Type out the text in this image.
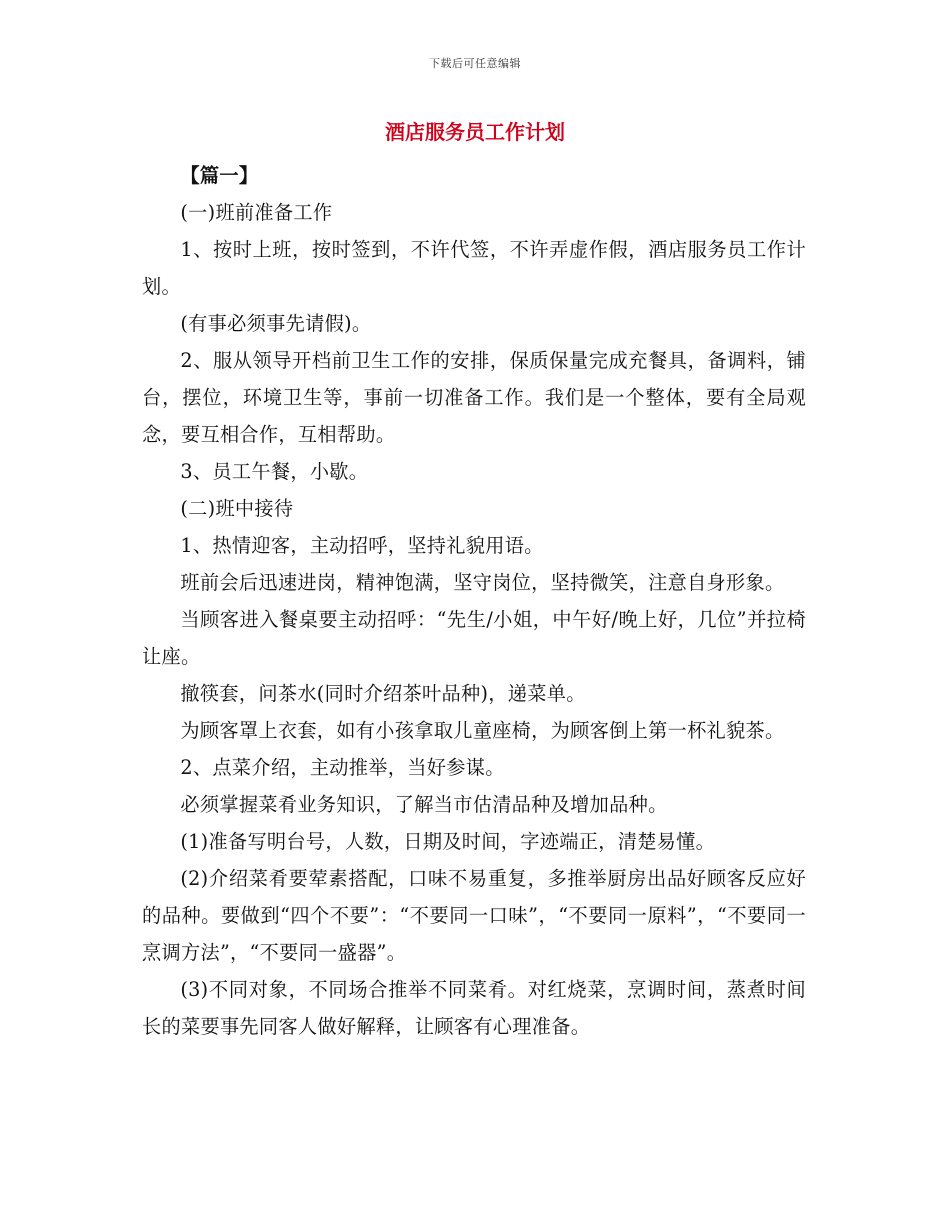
下载后可任意编辑
酒店服务员工作计划

【篇一】

(一)班前准备工作

1、按时上班，按时签到，不许代签，不许弄虚作假，酒店服务员工作计划。

(有事必须事先请假)。

2、服从领导开档前卫生工作的安排，保质保量完成充餐具，备调料，铺台，摆位，环境卫生等，事前一切准备工作。我们是一个整体，要有全局观念，要互相合作，互相帮助。

3、员工午餐，小歇。

(二)班中接待

1、热情迎客，主动招呼，坚持礼貌用语。

班前会后迅速进岗，精神饱满，坚守岗位，坚持微笑，注意自身形象。

当顾客进入餐桌要主动招呼：“先生/小姐，中午好/晚上好，几位”并拉椅让座。

撤筷套，问茶水(同时介绍茶叶品种)，递菜单。

为顾客罩上衣套，如有小孩拿取儿童座椅，为顾客倒上第一杯礼貌茶。

2、点菜介绍，主动推举，当好参谋。

必须掌握菜肴业务知识，了解当市估清品种及增加品种。

(1)准备写明台号，人数，日期及时间，字迹端正，清楚易懂。

(2)介绍菜肴要荤素搭配，口味不易重复，多推举厨房出品好顾客反应好的品种。要做到“四个不要”：“不要同一口味”，“不要同一原料”，“不要同一烹调方法”，“不要同一盛器”。

(3)不同对象，不同场合推举不同菜肴。对红烧菜，烹调时间，蒸煮时间长的菜要事先同客人做好解释，让顾客有心理准备。
